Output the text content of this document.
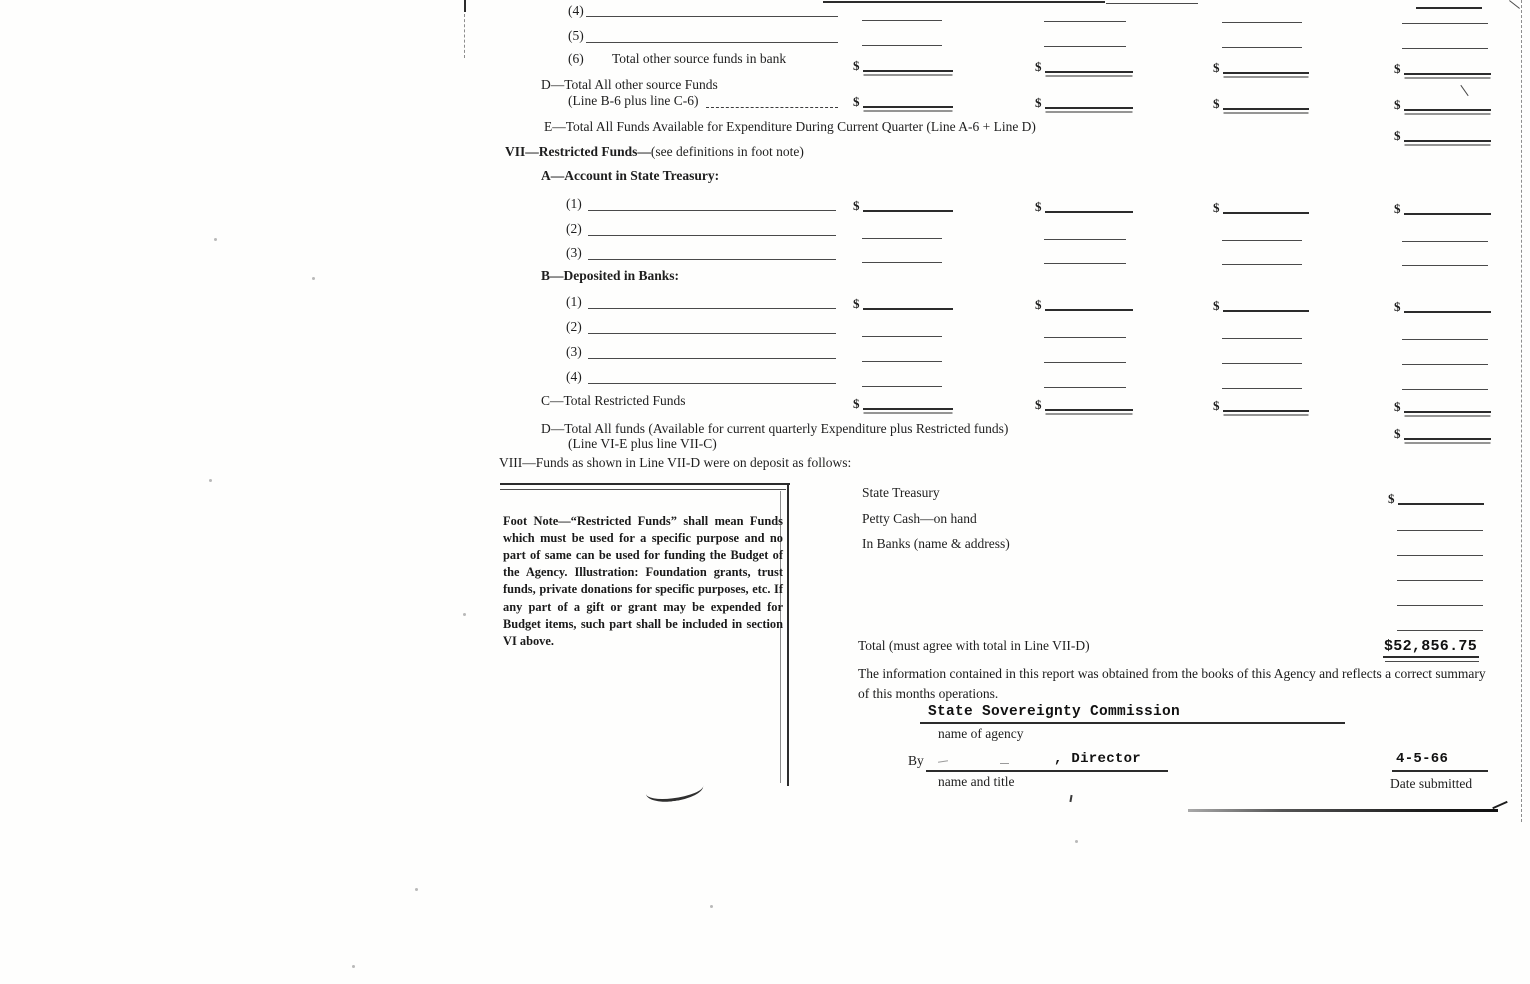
(4)
(5)
(6) Total other source funds in bank	$	$	$	$
D—Total All other source Funds
(Line B-6 plus line C-6)	$	$	$	$
E—Total All Funds Available for Expenditure During Current Quarter (Line A-6 + Line D)
$
VII—Restricted Funds—(see definitions in foot note)
A—Account in State Treasury:
(1)	$	$	$	$
(2)
(3)
B—Deposited in Banks:
(1)	$	$	$	$
(2)
(3)
(4)
C—Total Restricted Funds	$	$	$	$
D—Total All funds (Available for current quarterly Expenditure plus Restricted funds)
(Line VI-E plus line VII-C)
$
VIII—Funds as shown in Line VII-D were on deposit as follows:
Foot Note—“Restricted Funds” shall mean Funds which must be used for a specific purpose and no part of same can be used for funding the Budget of the Agency. Illustration: Foundation grants, trust funds, private donations for specific purposes, etc. If any part of a gift or grant may be expended for Budget items, such part shall be included in section VI above.
State Treasury
Petty Cash—on hand
In Banks (name & address)
$
Total (must agree with total in Line VII-D)	$52,856.75
The information contained in this report was obtained from the books of this Agency and reflects a correct summary of this months operations.
State Sovereignty Commission
name of agency
By	, Director
name and title
4-5-66
Date submitted
